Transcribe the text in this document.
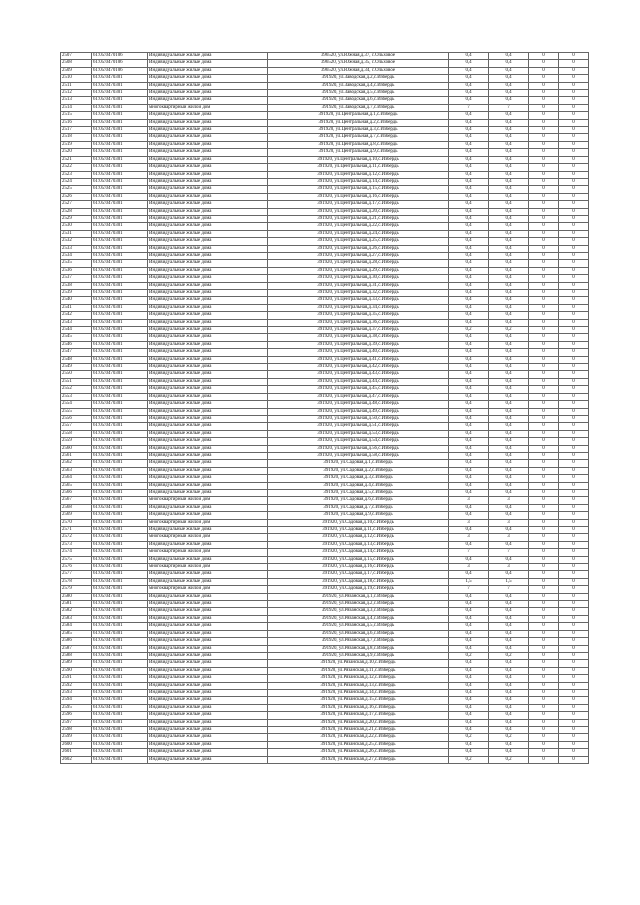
2507	61:05:0470106	Индивидуальные жилые дома	396520, ул.Южная,д.37, с.Ольховое	0,4	0,4	0	0
2508	61:05:0470106	Индивидуальные жилые дома	396520, ул.Южная,д.35, с.Ольховое	0,4	0,4	0	0
2509	61:05:0470106	Индивидуальные жилые дома	396520, ул.Южная,д.34, с.Ольховое	0,4	0,4	0	0
2510	61:05:0470301	Индивидуальные жилые дома	391920, ул.Заводская,д.2,с.Избердь	0,4	0,4	0	0
2511	61:05:0470301	Индивидуальные жилые дома	391920, ул.Заводская,д.4,с.Избердь	0,4	0,4	0	0
2512	61:05:0470301	Индивидуальные жилые дома	391920, ул.Заводская,д.5,с.Избердь	0,4	0,4	0	0
2513	61:05:0470301	Индивидуальные жилые дома	391920, ул.Заводская,д.6,с.Избердь	0,4	0,4	0	0
2514	61:05:0470301	многоквартирный жилой дом	391920, ул.Заводская,д.7,с.Избердь	7	7	0	0
2515	61:05:0470301	Индивидуальные жилые дома	391920, ул.Центральная,д.1,с.Избердь	0,4	0,4	0	0
2516	61:05:0470301	Индивидуальные жилые дома	391920, ул.Центральная,д.2,с.Избердь	0,4	0,4	0	0
2517	61:05:0470301	Индивидуальные жилые дома	391920, ул.Центральная,д.3,с.Избердь	0,4	0,4	0	0
2518	61:05:0470301	Индивидуальные жилые дома	391920, ул.Центральная,д.7,с.Избердь	0,4	0,4	0	0
2519	61:05:0470301	Индивидуальные жилые дома	391920, ул.Центральная,д.8,с.Избердь	0,4	0,4	0	0
2520	61:05:0470301	Индивидуальные жилые дома	391920, ул.Центральная,д.9,с.Избердь	0,4	0,4	0	0
2521	61:05:0470301	Индивидуальные жилые дома	391920, ул.Центральная,д.10,с.Избердь	0,4	0,4	0	0
2522	61:05:0470301	Индивидуальные жилые дома	391920, ул.Центральная,д.11,с.Избердь	0,4	0,4	0	0
2523	61:05:0470301	Индивидуальные жилые дома	391920, ул.Центральная,д.12,с.Избердь	0,4	0,4	0	0
2524	61:05:0470301	Индивидуальные жилые дома	391920, ул.Центральная,д.14,с.Избердь	0,4	0,4	0	0
2525	61:05:0470301	Индивидуальные жилые дома	391920, ул.Центральная,д.15,с.Избердь	0,4	0,4	0	0
2526	61:05:0470301	Индивидуальные жилые дома	391920, ул.Центральная,д.16,с.Избердь	0,4	0,4	0	0
2527	61:05:0470301	Индивидуальные жилые дома	391920, ул.Центральная,д.17,с.Избердь	0,4	0,4	0	0
2528	61:05:0470301	Индивидуальные жилые дома	391920, ул.Центральная,д.20,с.Избердь	0,4	0,4	0	0
2529	61:05:0470301	Индивидуальные жилые дома	391920, ул.Центральная,д.21,с.Избердь	0,4	0,4	0	0
2530	61:05:0470301	Индивидуальные жилые дома	391920, ул.Центральная,д.22,с.Избердь	0,4	0,4	0	0
2531	61:05:0470301	Индивидуальные жилые дома	391920, ул.Центральная,д.24,с.Избердь	0,4	0,4	0	0
2532	61:05:0470301	Индивидуальные жилые дома	391920, ул.Центральная,д.25,с.Избердь	0,4	0,4	0	0
2533	61:05:0470301	Индивидуальные жилые дома	391920, ул.Центральная,д.26,с.Избердь	0,4	0,4	0	0
2534	61:05:0470301	Индивидуальные жилые дома	391920, ул.Центральная,д.27,с.Избердь	0,4	0,4	0	0
2535	61:05:0470301	Индивидуальные жилые дома	391920, ул.Центральная,д.28,с.Избердь	0,4	0,4	0	0
2536	61:05:0470301	Индивидуальные жилые дома	391920, ул.Центральная,д.29,с.Избердь	0,4	0,4	0	0
2537	61:05:0470301	Индивидуальные жилые дома	391920, ул.Центральная,д.30,с.Избердь	0,4	0,4	0	0
2538	61:05:0470301	Индивидуальные жилые дома	391920, ул.Центральная,д.31,с.Избердь	0,4	0,4	0	0
2539	61:05:0470301	Индивидуальные жилые дома	391920, ул.Центральная,д.32,с.Избердь	0,4	0,4	0	0
2540	61:05:0470301	Индивидуальные жилые дома	391920, ул.Центральная,д.33,с.Избердь	0,4	0,4	0	0
2541	61:05:0470301	Индивидуальные жилые дома	391920, ул.Центральная,д.34,с.Избердь	0,4	0,4	0	0
2542	61:05:0470301	Индивидуальные жилые дома	391920, ул.Центральная,д.35,с.Избердь	0,4	0,4	0	0
2543	61:05:0470301	Индивидуальные жилые дома	391920, ул.Центральная,д.36,с.Избердь	0,4	0,4	0	0
2544	61:05:0470301	Индивидуальные жилые дома	391920, ул.Центральная,д.37,с.Избердь	0,2	0,2	0	0
2545	61:05:0470301	Индивидуальные жилые дома	391920, ул.Центральная,д.38,с.Избердь	0,4	0,4	0	0
2546	61:05:0470301	Индивидуальные жилые дома	391920, ул.Центральная,д.39,с.Избердь	0,4	0,4	0	0
2547	61:05:0470301	Индивидуальные жилые дома	391920, ул.Центральная,д.40,с.Избердь	0,4	0,4	0	0
2548	61:05:0470301	Индивидуальные жилые дома	391920, ул.Центральная,д.41,с.Избердь	0,4	0,4	0	0
2549	61:05:0470301	Индивидуальные жилые дома	391920, ул.Центральная,д.42,с.Избердь	0,4	0,4	0	0
2550	61:05:0470301	Индивидуальные жилые дома	391920, ул.Центральная,д.43,с.Избердь	0,4	0,4	0	0
2551	61:05:0470301	Индивидуальные жилые дома	391920, ул.Центральная,д.44,с.Избердь	0,4	0,4	0	0
2552	61:05:0470301	Индивидуальные жилые дома	391920, ул.Центральная,д.45,с.Избердь	0,4	0,4	0	0
2553	61:05:0470301	Индивидуальные жилые дома	391920, ул.Центральная,д.47,с.Избердь	0,4	0,4	0	0
2554	61:05:0470301	Индивидуальные жилые дома	391920, ул.Центральная,д.48,с.Избердь	0,4	0,4	0	0
2555	61:05:0470301	Индивидуальные жилые дома	391920, ул.Центральная,д.49,с.Избердь	0,4	0,4	0	0
2556	61:05:0470301	Индивидуальные жилые дома	391920, ул.Центральная,д.50,с.Избердь	0,4	0,4	0	0
2557	61:05:0470301	Индивидуальные жилые дома	391920, ул.Центральная,д.51,с.Избердь	0,4	0,4	0	0
2558	61:05:0470301	Индивидуальные жилые дома	391920, ул.Центральная,д.53,с.Избердь	0,4	0,4	0	0
2559	61:05:0470301	Индивидуальные жилые дома	391920, ул.Центральная,д.54,с.Избердь	0,4	0,4	0	0
2560	61:05:0470301	Индивидуальные жилые дома	391920, ул.Центральная,д.56,с.Избердь	0,4	0,4	0	0
2561	61:05:0470301	Индивидуальные жилые дома	391920, ул.Центральная,д.58,с.Избердь	0,4	0,4	0	0
2562	61:05:0470301	Индивидуальные жилые дома	391920, ул.Садовая,д.1,с.Избердь	0,4	0,4	0	0
2563	61:05:0470301	Индивидуальные жилые дома	391920, ул.Садовая,д.2,с.Избердь	0,4	0,4	0	0
2564	61:05:0470301	Индивидуальные жилые дома	391920, ул.Садовая,д.3,с.Избердь	0,4	0,4	0	0
2565	61:05:0470301	Индивидуальные жилые дома	391920, ул.Садовая,д.4,с.Избердь	0,4	0,4	0	0
2566	61:05:0470301	Индивидуальные жилые дома	391920, ул.Садовая,д.5,с.Избердь	0,4	0,4	0	0
2567	61:05:0470301	многоквартирный жилой дом	391920, ул.Садовая,д.6,с.Избердь	3	3	0	0
2568	61:05:0470301	Индивидуальные жилые дома	391920, ул.Садовая,д.7,с.Избердь	0,4	0,4	0	0
2569	61:05:0470301	Индивидуальные жилые дома	391920, ул.Садовая,д.9,с.Избердь	0,4	0,4	0	0
2570	61:05:0470301	многоквартирный жилой дом	391920, ул.Садовая,д.10,с.Избердь	3	3	0	0
2571	61:05:0470301	Индивидуальные жилые дома	391920, ул.Садовая,д.11,с.Избердь	0,4	0,4	0	0
2572	61:05:0470301	многоквартирный жилой дом	391920, ул.Садовая,д.12,с.Избердь	3	3	0	0
2573	61:05:0470301	Индивидуальные жилые дома	391920, ул.Садовая,д.13,с.Избердь	0,4	0,4	0	0
2574	61:05:0470301	многоквартирный жилой дом	391920, ул.Садовая,д.14,с.Избердь	7	7	0	0
2575	61:05:0470301	Индивидуальные жилые дома	391920, ул.Садовая,д.15,с.Избердь	0,4	0,4	0	0
2576	61:05:0470301	многоквартирный жилой дом	391920, ул.Садовая,д.16,с.Избердь	3	3	0	0
2577	61:05:0470301	Индивидуальные жилые дома	391920, ул.Садовая,д.17,с.Избердь	0,4	0,4	0	0
2578	61:05:0470301	Индивидуальные жилые дома	391920, ул.Садовая,д.18,с.Избердь	1,5	1,5	0	0
2579	61:05:0470301	многоквартирный жилой дом	391920, ул.Садовая,д.19,с.Избердь	7	7	0	0
2580	61:05:0470301	Индивидуальные жилые дома	391920, ул.Рязанская,д.1,с.Избердь	0,4	0,4	0	0
2581	61:05:0470301	Индивидуальные жилые дома	391920, ул.Рязанская,д.2,с.Избердь	0,4	0,4	0	0
2582	61:05:0470301	Индивидуальные жилые дома	391920, ул.Рязанская,д.3,с.Избердь	0,4	0,4	0	0
2583	61:05:0470301	Индивидуальные жилые дома	391920, ул.Рязанская,д.4,с.Избердь	0,4	0,4	0	0
2584	61:05:0470301	Индивидуальные жилые дома	391920, ул.Рязанская,д.5,с.Избердь	0,4	0,4	0	0
2585	61:05:0470301	Индивидуальные жилые дома	391920, ул.Рязанская,д.6,с.Избердь	0,4	0,4	0	0
2586	61:05:0470301	Индивидуальные жилые дома	391920, ул.Рязанская,д.7,с.Избердь	0,4	0,4	0	0
2587	61:05:0470301	Индивидуальные жилые дома	391920, ул.Рязанская,д.8,с.Избердь	0,4	0,4	0	0
2588	61:05:0470301	Индивидуальные жилые дома	391920, ул.Рязанская,д.9,с.Избердь	0,2	0,2	0	0
2589	61:05:0470301	Индивидуальные жилые дома	391920, ул.Рязанская,д.10,с.Избердь	0,4	0,4	0	0
2590	61:05:0470301	Индивидуальные жилые дома	391920, ул.Рязанская,д.11,с.Избердь	0,4	0,4	0	0
2591	61:05:0470301	Индивидуальные жилые дома	391920, ул.Рязанская,д.12,с.Избердь	0,4	0,4	0	0
2592	61:05:0470301	Индивидуальные жилые дома	391920, ул.Рязанская,д.13,с.Избердь	0,4	0,4	0	0
2593	61:05:0470301	Индивидуальные жилые дома	391920, ул.Рязанская,д.14,с.Избердь	0,4	0,4	0	0
2594	61:05:0470301	Индивидуальные жилые дома	391920, ул.Рязанская,д.15,с.Избердь	0,4	0,4	0	0
2595	61:05:0470301	Индивидуальные жилые дома	391920, ул.Рязанская,д.16,с.Избердь	0,4	0,4	0	0
2596	61:05:0470301	Индивидуальные жилые дома	391920, ул.Рязанская,д.17,с.Избердь	0,4	0,4	0	0
2597	61:05:0470301	Индивидуальные жилые дома	391920, ул.Рязанская,д.20,с.Избердь	0,4	0,4	0	0
2598	61:05:0470301	Индивидуальные жилые дома	391920, ул.Рязанская,д.21,с.Избердь	0,4	0,4	0	0
2599	61:05:0470301	Индивидуальные жилые дома	391920, ул.Рязанская,д.22,с.Избердь	0,2	0,2	0	0
2600	61:05:0470301	Индивидуальные жилые дома	391920, ул.Рязанская,д.25,с.Избердь	0,4	0,4	0	0
2601	61:05:0470301	Индивидуальные жилые дома	391920, ул.Рязанская,д.26,с.Избердь	0,4	0,4	0	0
2602	61:05:0470301	Индивидуальные жилые дома	391920, ул.Рязанская,д.27,с.Избердь	0,2	0,2	0	0
